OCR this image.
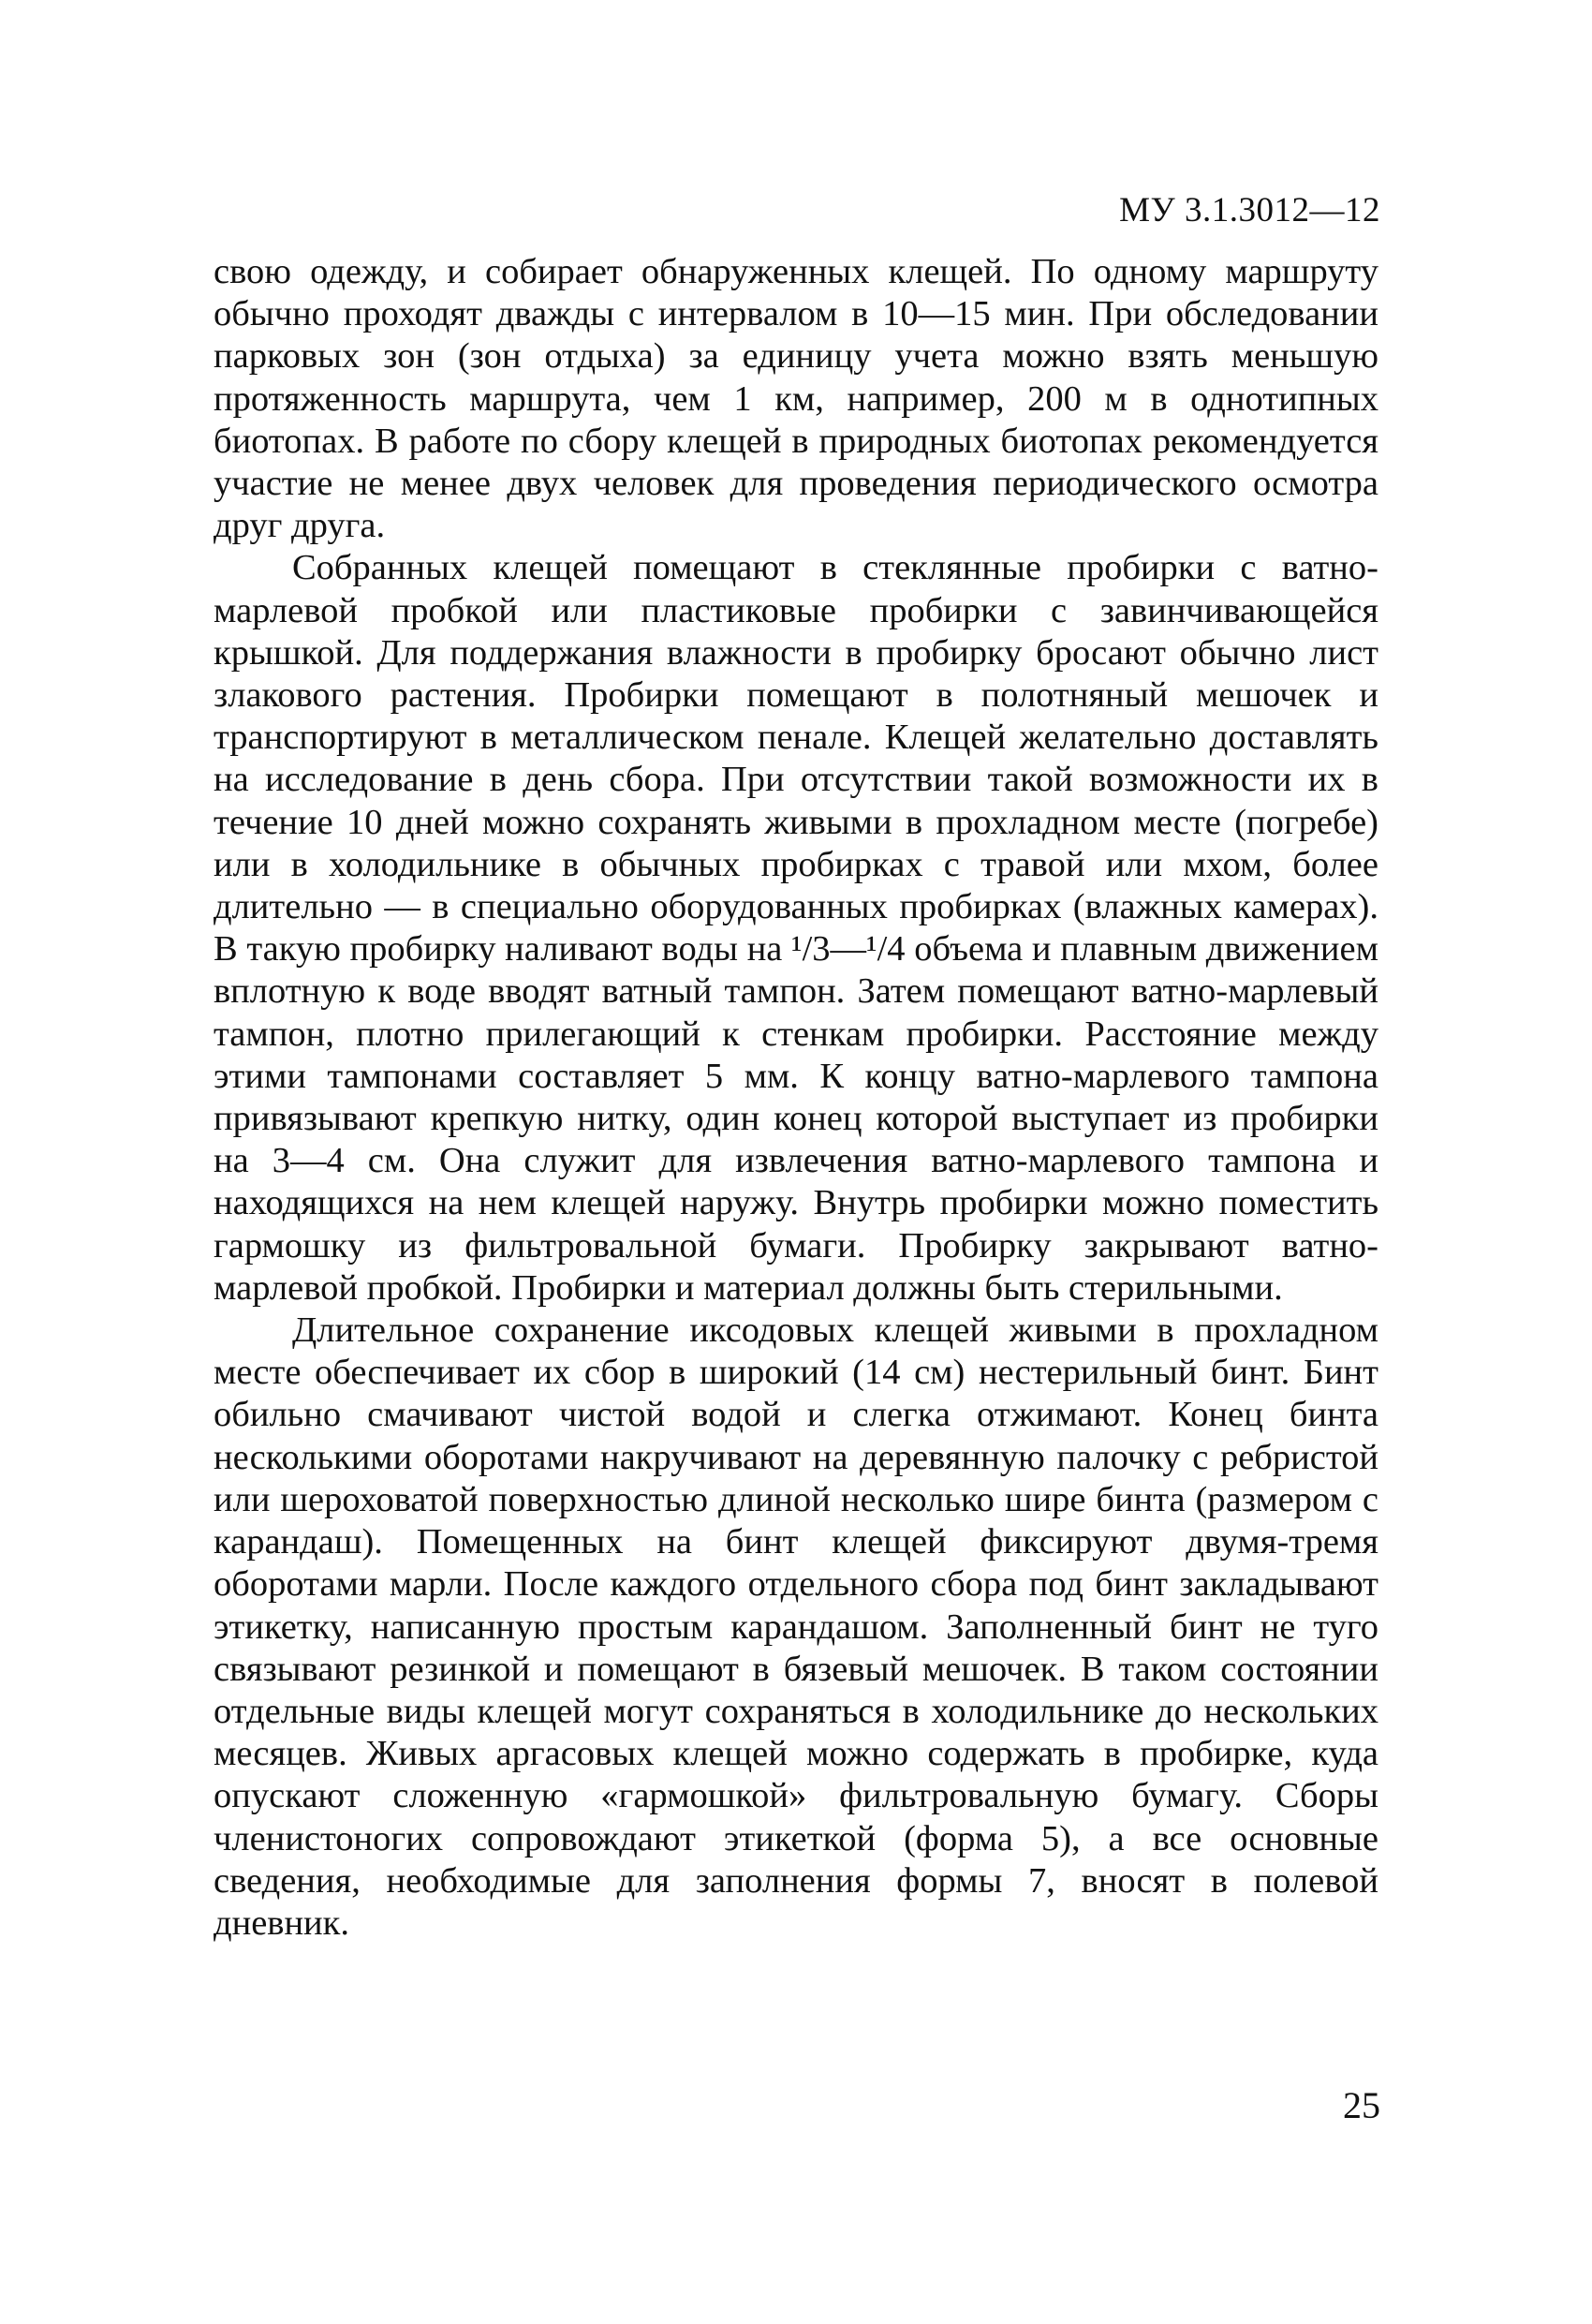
МУ 3.1.3012—12

свою одежду, и собирает обнаруженных клещей. По одному маршруту обычно проходят дважды с интервалом в 10—15 мин. При обследовании парковых зон (зон отдыха) за единицу учета можно взять меньшую протяженность маршрута, чем 1 км, например, 200 м в однотипных биотопах. В работе по сбору клещей в природных биотопах рекомендуется участие не менее двух человек для проведения периодического осмотра друг друга.

Собранных клещей помещают в стеклянные пробирки с ватно-марлевой пробкой или пластиковые пробирки с завинчивающейся крышкой. Для поддержания влажности в пробирку бросают обычно лист злакового растения. Пробирки помещают в полотняный мешочек и транспортируют в металлическом пенале. Клещей желательно доставлять на исследование в день сбора. При отсутствии такой возможности их в течение 10 дней можно сохранять живыми в прохладном месте (погребе) или в холодильнике в обычных пробирках с травой или мхом, более длительно — в специально оборудованных пробирках (влажных камерах). В такую пробирку наливают воды на ¹/3—¹/4 объема и плавным движением вплотную к воде вводят ватный тампон. Затем помещают ватно-марлевый тампон, плотно прилегающий к стенкам пробирки. Расстояние между этими тампонами составляет 5 мм. К концу ватно-марлевого тампона привязывают крепкую нитку, один конец которой выступает из пробирки на 3—4 см. Она служит для извлечения ватно-марлевого тампона и находящихся на нем клещей наружу. Внутрь пробирки можно поместить гармошку из фильтровальной бумаги. Пробирку закрывают ватно-марлевой пробкой. Пробирки и материал должны быть стерильными.

Длительное сохранение иксодовых клещей живыми в прохладном месте обеспечивает их сбор в широкий (14 см) нестерильный бинт. Бинт обильно смачивают чистой водой и слегка отжимают. Конец бинта несколькими оборотами накручивают на деревянную палочку с ребристой или шероховатой поверхностью длиной несколько шире бинта (размером с карандаш). Помещенных на бинт клещей фиксируют двумя-тремя оборотами марли. После каждого отдельного сбора под бинт закладывают этикетку, написанную простым карандашом. Заполненный бинт не туго связывают резинкой и помещают в бязевый мешочек. В таком состоянии отдельные виды клещей могут сохраняться в холодильнике до нескольких месяцев. Живых аргасовых клещей можно содержать в пробирке, куда опускают сложенную «гармошкой» фильтровальную бумагу. Сборы членистоногих сопровождают этикеткой (форма 5), а все основные сведения, необходимые для заполнения формы 7, вносят в полевой дневник.

25
